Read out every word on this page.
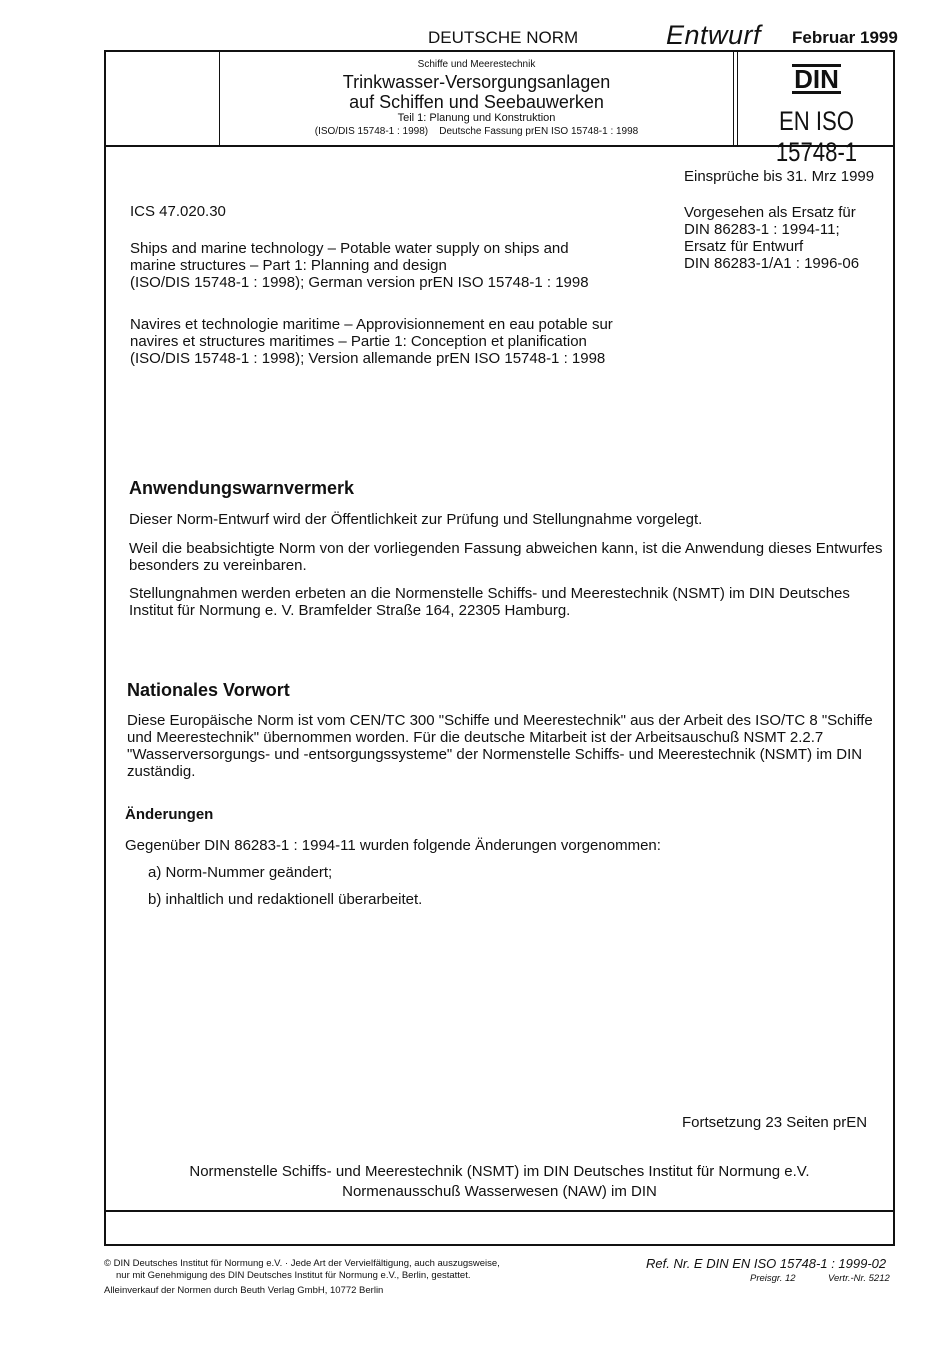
DEUTSCHE NORM	Entwurf Februar 1999
Schiffe und Meerestechnik
Trinkwasser-Versorgungsanlagen
auf Schiffen und Seebauwerken
Teil 1: Planung und Konstruktion
(ISO/DIS 15748-1 : 1998)    Deutsche Fassung prEN ISO 15748-1 : 1998
DIN
EN ISO 15748-1
Einsprüche bis 31. Mrz 1999
ICS 47.020.30	Vorgesehen als Ersatz für
DIN 86283-1 : 1994-11;
Ersatz für Entwurf
DIN 86283-1/A1 : 1996-06
Ships and marine technology – Potable water supply on ships and
marine structures – Part 1: Planning and design
(ISO/DIS 15748-1 : 1998); German version prEN ISO 15748-1 : 1998
Navires et technologie maritime – Approvisionnement en eau potable sur
navires et structures maritimes – Partie 1: Conception et planification
(ISO/DIS 15748-1 : 1998); Version allemande prEN ISO 15748-1 : 1998
Anwendungswarnvermerk
Dieser Norm-Entwurf wird der Öffentlichkeit zur Prüfung und Stellungnahme vorgelegt.
Weil die beabsichtigte Norm von der vorliegenden Fassung abweichen kann, ist die Anwendung dieses Entwurfes
besonders zu vereinbaren.
Stellungnahmen werden erbeten an die Normenstelle Schiffs- und Meerestechnik (NSMT) im DIN Deutsches
Institut für Normung e. V. Bramfelder Straße 164, 22305 Hamburg.
Nationales Vorwort
Diese Europäische Norm ist vom CEN/TC 300 "Schiffe und Meerestechnik" aus der Arbeit des ISO/TC 8 "Schiffe
und Meerestechnik" übernommen worden. Für die deutsche Mitarbeit ist der Arbeitsauschuß NSMT 2.2.7
"Wasserversorgungs- und -entsorgungssysteme" der Normenstelle Schiffs- und Meerestechnik (NSMT) im DIN
zuständig.
Änderungen
Gegenüber DIN 86283-1 : 1994-11 wurden folgende Änderungen vorgenommen:
a) Norm-Nummer geändert;
b) inhaltlich und redaktionell überarbeitet.
Fortsetzung 23 Seiten prEN
Normenstelle Schiffs- und Meerestechnik (NSMT) im DIN Deutsches Institut für Normung e.V.
Normenausschuß Wasserwesen (NAW) im DIN
© DIN Deutsches Institut für Normung e.V. · Jede Art der Vervielfältigung, auch auszugsweise,
nur mit Genehmigung des DIN Deutsches Institut für Normung e.V., Berlin, gestattet.
Alleinverkauf der Normen durch Beuth Verlag GmbH, 10772 Berlin
Ref. Nr. E DIN EN ISO 15748-1 : 1999-02
Preisgr. 12	Vertr.-Nr. 5212
